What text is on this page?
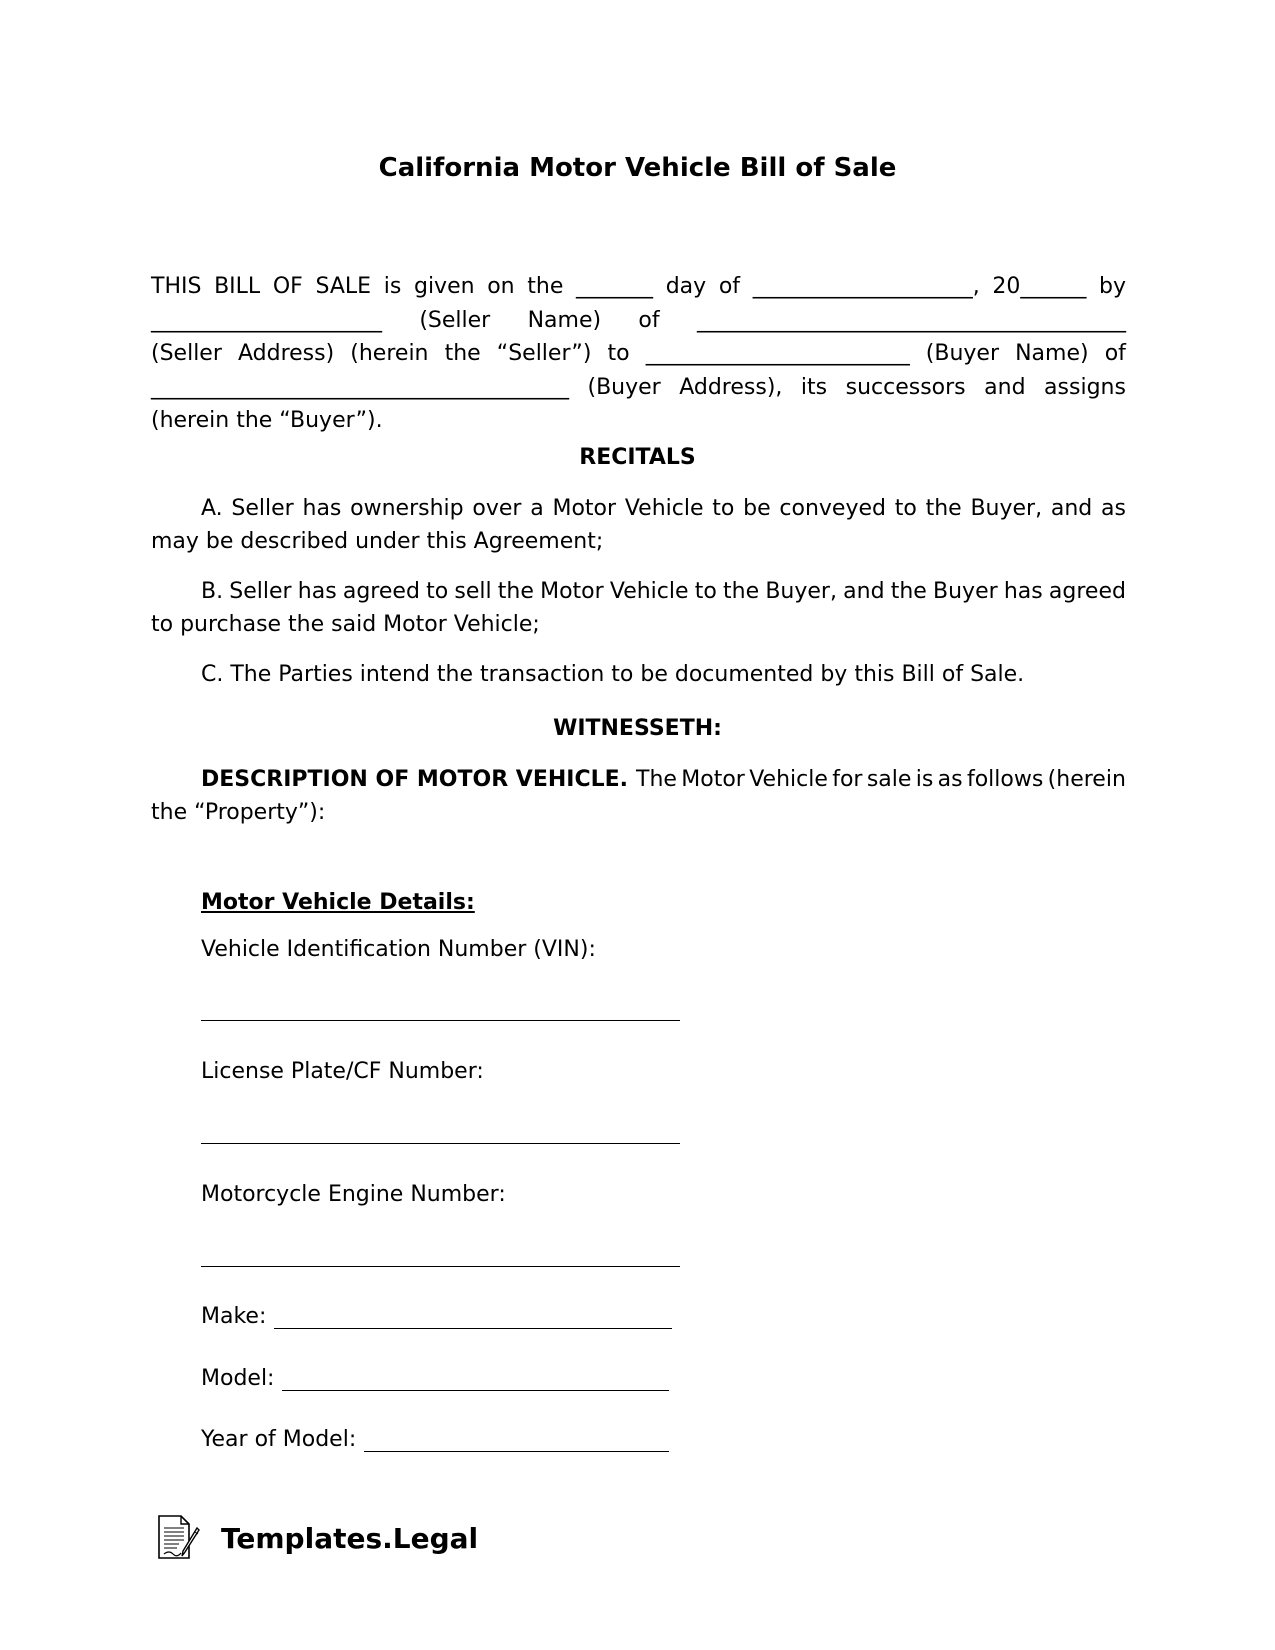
California Motor Vehicle Bill of Sale
THIS BILL OF SALE is given on the _______ day of ____________________, 20______ by
_____________________ (Seller Name) of _______________________________________
(Seller Address) (herein the “Seller”) to ________________________ (Buyer Name) of
______________________________________ (Buyer Address), its successors and assigns
(herein the “Buyer”).
RECITALS
A. Seller has ownership over a Motor Vehicle to be conveyed to the Buyer, and as
may be described under this Agreement;
B. Seller has agreed to sell the Motor Vehicle to the Buyer, and the Buyer has agreed
to purchase the said Motor Vehicle;
C. The Parties intend the transaction to be documented by this Bill of Sale.
WITNESSETH:
DESCRIPTION OF MOTOR VEHICLE. The Motor Vehicle for sale is as follows (herein
the “Property”):
Motor Vehicle Details:
Vehicle Identification Number (VIN):
License Plate/CF Number:
Motorcycle Engine Number:
Make:
Model:
Year of Model:
Templates.Legal
